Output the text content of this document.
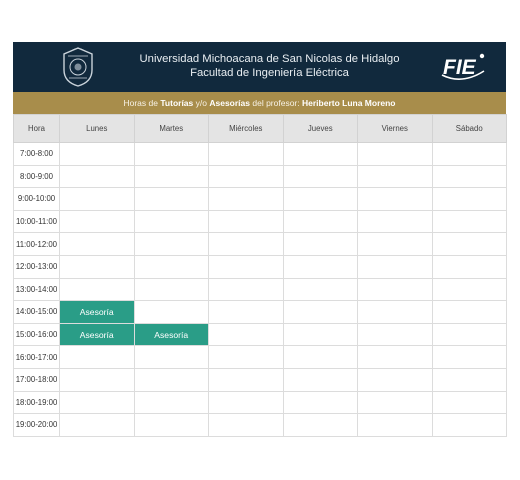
Universidad Michoacana de San Nicolas de Hidalgo
Facultad de Ingeniería Eléctrica	FIE
Horas de Tutorías y/o Asesorías del profesor: Heriberto Luna Moreno
Hora	Lunes	Martes	Miércoles	Jueves	Viernes	Sábado
7:00-8:00						
8:00-9:00						
9:00-10:00						
10:00-11:00						
11:00-12:00						
12:00-13:00						
13:00-14:00						
14:00-15:00	Asesoría					
15:00-16:00	Asesoría	Asesoría				
16:00-17:00						
17:00-18:00						
18:00-19:00						
19:00-20:00						
